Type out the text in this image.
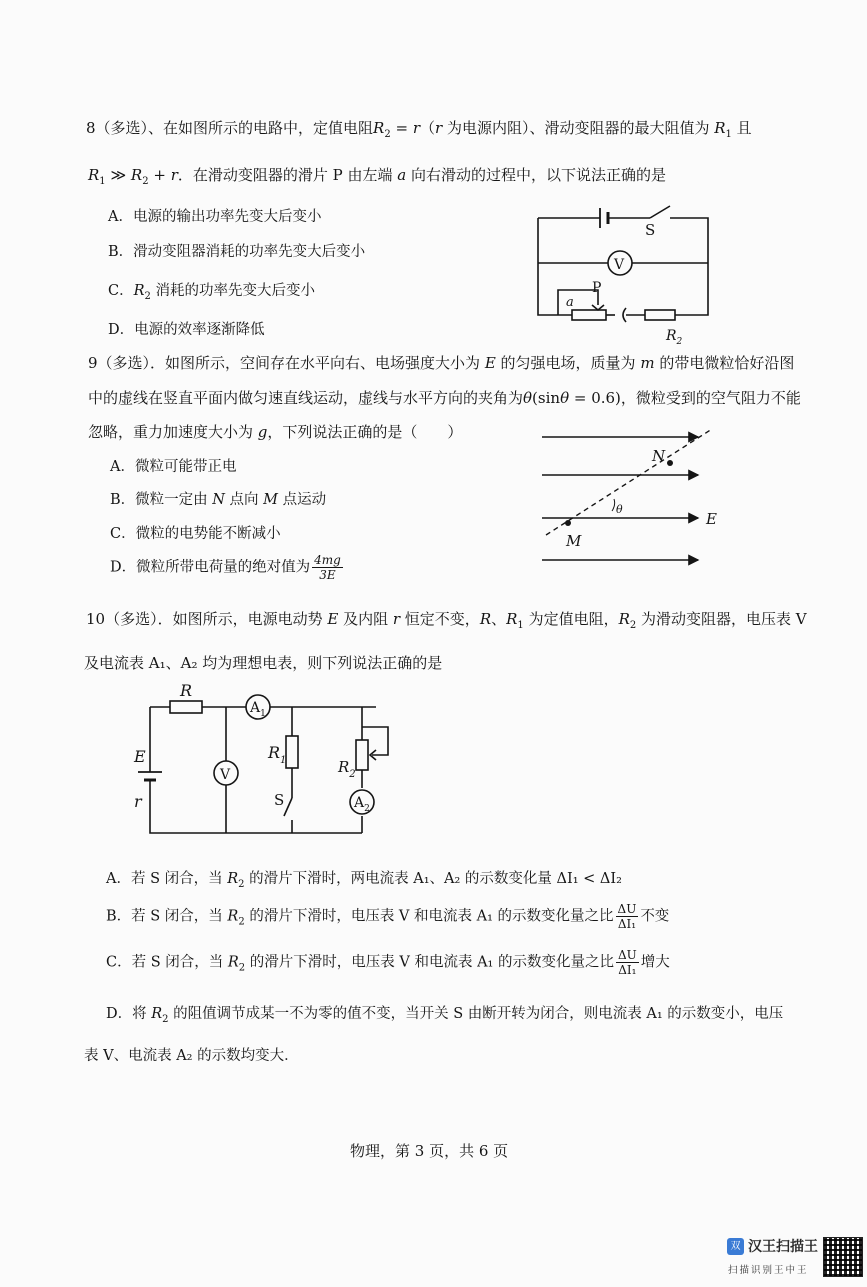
8（多选）、在如图所示的电路中，定值电阻$R_2 = r(r$ 为电源内阻）、滑动变阻器的最大阻值为 $R_1$ 且
$R_1$ ≫ $R_2 + r$．在滑动变阻器的滑片 P 由左端 a 向右滑动的过程中，以下说法正确的是
A．电源的输出功率先变大后变小
B．滑动变阻器消耗的功率先变大后变小
C．$R_2$ 消耗的功率先变大后变小
D．电源的效率逐渐降低
S
V
a
P
$R_2$
9（多选）．如图所示，空间存在水平向右、电场强度大小为 E 的匀强电场，质量为 m 的带电微粒恰好沿图
中的虚线在竖直平面内做匀速直线运动，虚线与水平方向的夹角为θ(sinθ = 0.6)，微粒受到的空气阻力不能
忽略，重力加速度大小为 g，下列说法正确的是（　　）
A．微粒可能带正电
B．微粒一定由 N 点向 M 点运动
C．微粒的电势能不断减小
D．微粒所带电荷量的绝对值为 $\frac{4mg}{3E}$
N
M
E
θ
10（多选）．如图所示，电源电动势 E 及内阻 r 恒定不变，R、$R_1$ 为定值电阻，$R_2$ 为滑动变阻器，电压表 V
及电流表 A₁、A₂ 均为理想电表，则下列说法正确的是
R
$A_1$
$R_1$	$R_2$
V
S
E
r	$A_2$
A．若 S 闭合，当 $R_2$ 的滑片下滑时，两电流表 A₁、A₂ 的示数变化量 ΔI₁ < ΔI₂
B．若 S 闭合，当 $R_2$ 的滑片下滑时，电压表 V 和电流表 A₁ 的示数变化量之比 $\frac{\Delta U}{\text{ΔI₁}}$ 不变
C．若 S 闭合，当 $R_2$ 的滑片下滑时，电压表 V 和电流表 A₁ 的示数变化量之比 $\frac{\Delta U}{\text{ΔI₁}}$ 增大
D．将 $R_2$ 的阻值调节成某一不为零的值不变，当开关 S 由断开转为闭合，则电流表 A₁ 的示数变小，电压
表 V、电流表 A₂ 的示数均变大．
物理，第 3 页，共 6 页
双 汉王扫描王
扫描识别王中王
